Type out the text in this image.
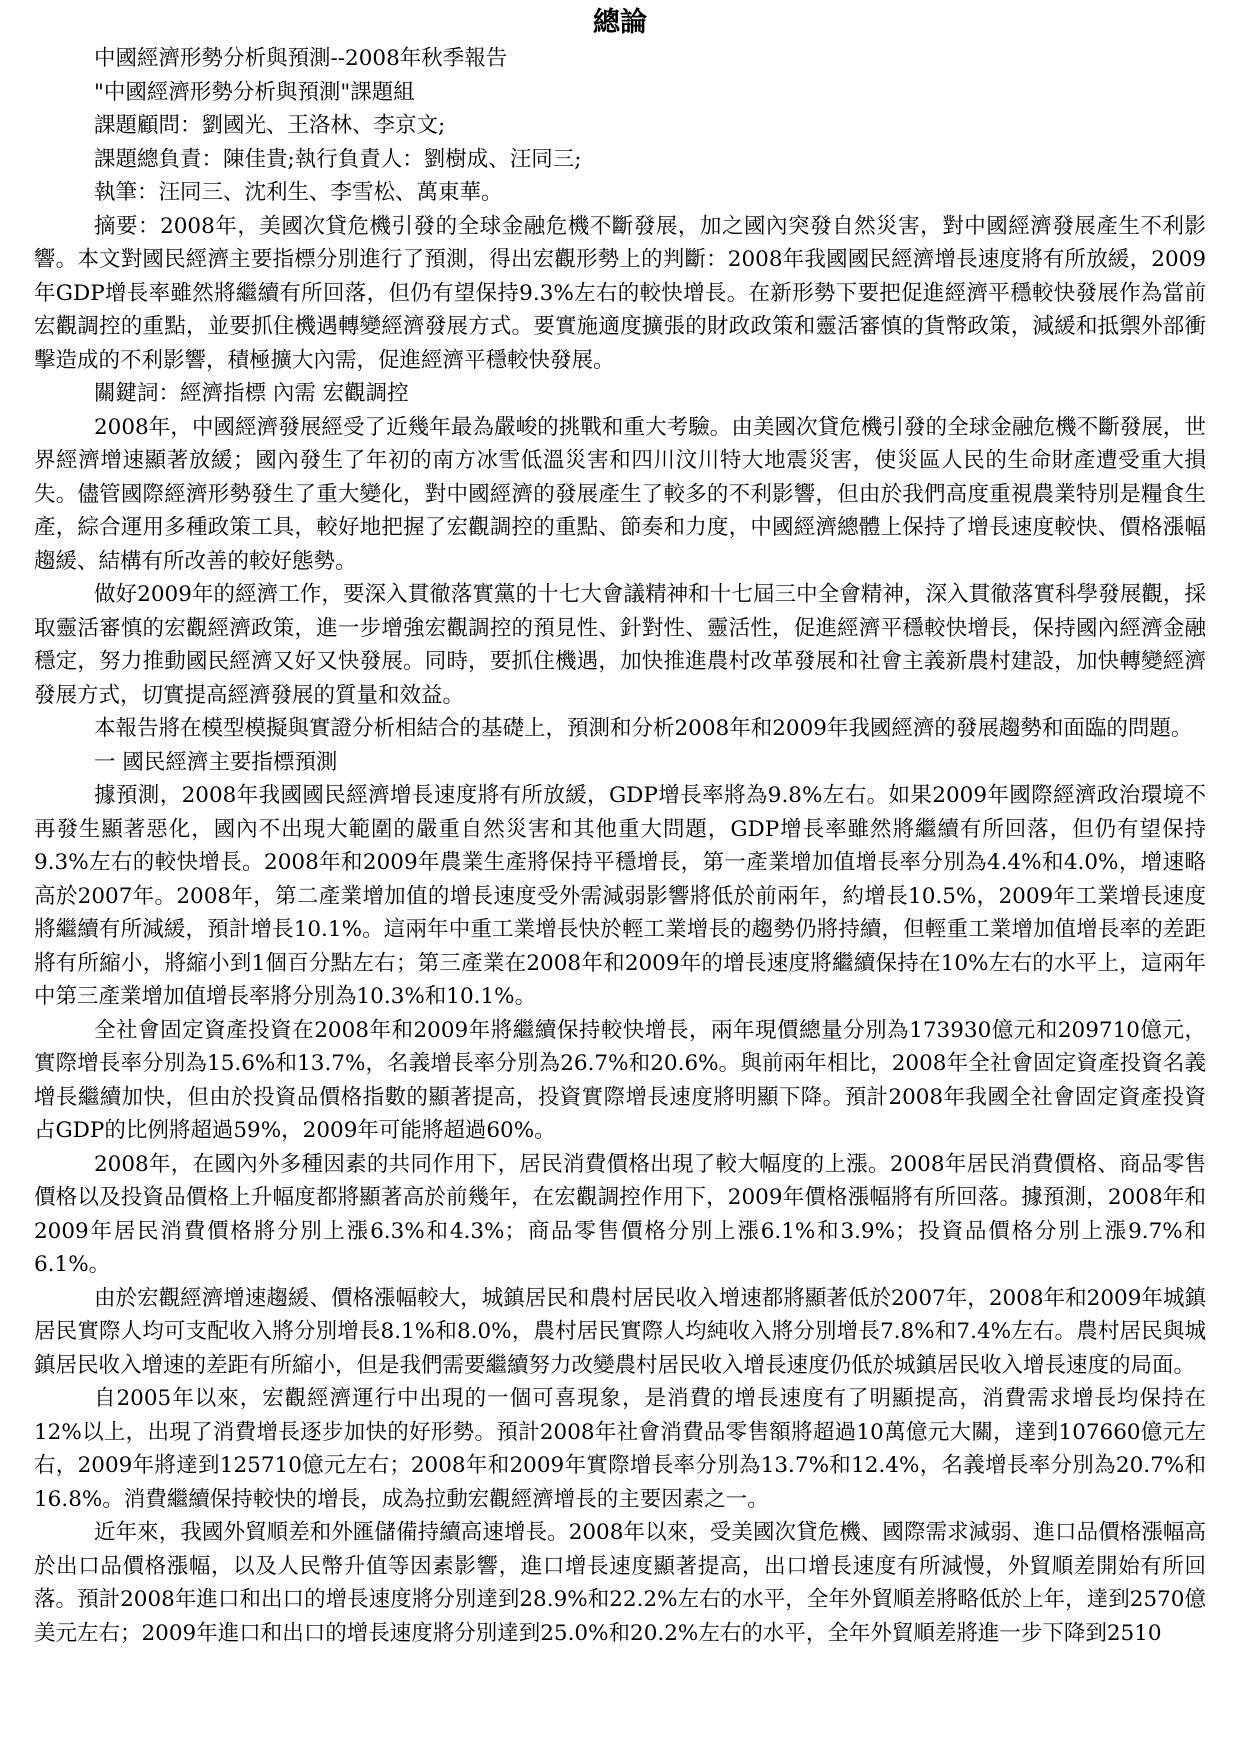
總論
中國經濟形勢分析與預測--2008年秋季報告
"中國經濟形勢分析與預測"課題組
課題顧問：劉國光、王洛林、李京文;
課題總負責：陳佳貴;執行負責人：劉樹成、汪同三;
執筆：汪同三、沈利生、李雪松、萬東華。

摘要：2008年，美國次貸危機引發的全球金融危機不斷發展，加之國內突發自然災害，對中國經濟發展產生不利影響。本文對國民經濟主要指標分別進行了預測，得出宏觀形勢上的判斷：2008年我國國民經濟增長速度將有所放緩，2009年GDP增長率雖然將繼續有所回落，但仍有望保持9.3%左右的較快增長。在新形勢下要把促進經濟平穩較快發展作為當前宏觀調控的重點，並要抓住機遇轉變經濟發展方式。要實施適度擴張的財政政策和靈活審慎的貨幣政策，減緩和抵禦外部衝擊造成的不利影響，積極擴大內需，促進經濟平穩較快發展。

關鍵詞：經濟指標 內需 宏觀調控

2008年，中國經濟發展經受了近幾年最為嚴峻的挑戰和重大考驗。由美國次貸危機引發的全球金融危機不斷發展，世界經濟增速顯著放緩；國內發生了年初的南方冰雪低溫災害和四川汶川特大地震災害，使災區人民的生命財產遭受重大損失。儘管國際經濟形勢發生了重大變化，對中國經濟的發展產生了較多的不利影響，但由於我們高度重視農業特別是糧食生產，綜合運用多種政策工具，較好地把握了宏觀調控的重點、節奏和力度，中國經濟總體上保持了增長速度較快、價格漲幅趨緩、結構有所改善的較好態勢。

做好2009年的經濟工作，要深入貫徹落實黨的十七大會議精神和十七屆三中全會精神，深入貫徹落實科學發展觀，採取靈活審慎的宏觀經濟政策，進一步增強宏觀調控的預見性、針對性、靈活性，促進經濟平穩較快增長，保持國內經濟金融穩定，努力推動國民經濟又好又快發展。同時，要抓住機遇，加快推進農村改革發展和社會主義新農村建設，加快轉變經濟發展方式，切實提高經濟發展的質量和效益。

本報告將在模型模擬與實證分析相結合的基礎上，預測和分析2008年和2009年我國經濟的發展趨勢和面臨的問題。

一 國民經濟主要指標預測

據預測，2008年我國國民經濟增長速度將有所放緩，GDP增長率將為9.8%左右。如果2009年國際經濟政治環境不再發生顯著惡化，國內不出現大範圍的嚴重自然災害和其他重大問題，GDP增長率雖然將繼續有所回落，但仍有望保持9.3%左右的較快增長。2008年和2009年農業生產將保持平穩增長，第一產業增加值增長率分別為4.4%和4.0%，增速略高於2007年。2008年，第二產業增加值的增長速度受外需減弱影響將低於前兩年，約增長10.5%，2009年工業增長速度將繼續有所減緩，預計增長10.1%。這兩年中重工業增長快於輕工業增長的趨勢仍將持續，但輕重工業增加值增長率的差距將有所縮小，將縮小到1個百分點左右；第三產業在2008年和2009年的增長速度將繼續保持在10%左右的水平上，這兩年中第三產業增加值增長率將分別為10.3%和10.1%。

全社會固定資產投資在2008年和2009年將繼續保持較快增長，兩年現價總量分別為173930億元和209710億元，實際增長率分別為15.6%和13.7%，名義增長率分別為26.7%和20.6%。與前兩年相比，2008年全社會固定資產投資名義增長繼續加快，但由於投資品價格指數的顯著提高，投資實際增長速度將明顯下降。預計2008年我國全社會固定資產投資占GDP的比例將超過59%，2009年可能將超過60%。

2008年，在國內外多種因素的共同作用下，居民消費價格出現了較大幅度的上漲。2008年居民消費價格、商品零售價格以及投資品價格上升幅度都將顯著高於前幾年，在宏觀調控作用下，2009年價格漲幅將有所回落。據預測，2008年和2009年居民消費價格將分別上漲6.3%和4.3%；商品零售價格分別上漲6.1%和3.9%；投資品價格分別上漲9.7%和6.1%。

由於宏觀經濟增速趨緩、價格漲幅較大，城鎮居民和農村居民收入增速都將顯著低於2007年，2008年和2009年城鎮居民實際人均可支配收入將分別增長8.1%和8.0%，農村居民實際人均純收入將分別增長7.8%和7.4%左右。農村居民與城鎮居民收入增速的差距有所縮小，但是我們需要繼續努力改變農村居民收入增長速度仍低於城鎮居民收入增長速度的局面。

自2005年以來，宏觀經濟運行中出現的一個可喜現象，是消費的增長速度有了明顯提高，消費需求增長均保持在12%以上，出現了消費增長逐步加快的好形勢。預計2008年社會消費品零售額將超過10萬億元大關，達到107660億元左右，2009年將達到125710億元左右；2008年和2009年實際增長率分別為13.7%和12.4%，名義增長率分別為20.7%和16.8%。消費繼續保持較快的增長，成為拉動宏觀經濟增長的主要因素之一。

近年來，我國外貿順差和外匯儲備持續高速增長。2008年以來，受美國次貸危機、國際需求減弱、進口品價格漲幅高於出口品價格漲幅，以及人民幣升值等因素影響，進口增長速度顯著提高，出口增長速度有所減慢，外貿順差開始有所回落。預計2008年進口和出口的增長速度將分別達到28.9%和22.2%左右的水平，全年外貿順差將略低於上年，達到2570億美元左右；2009年進口和出口的增長速度將分別達到25.0%和20.2%左右的水平，全年外貿順差將進一步下降到2510
